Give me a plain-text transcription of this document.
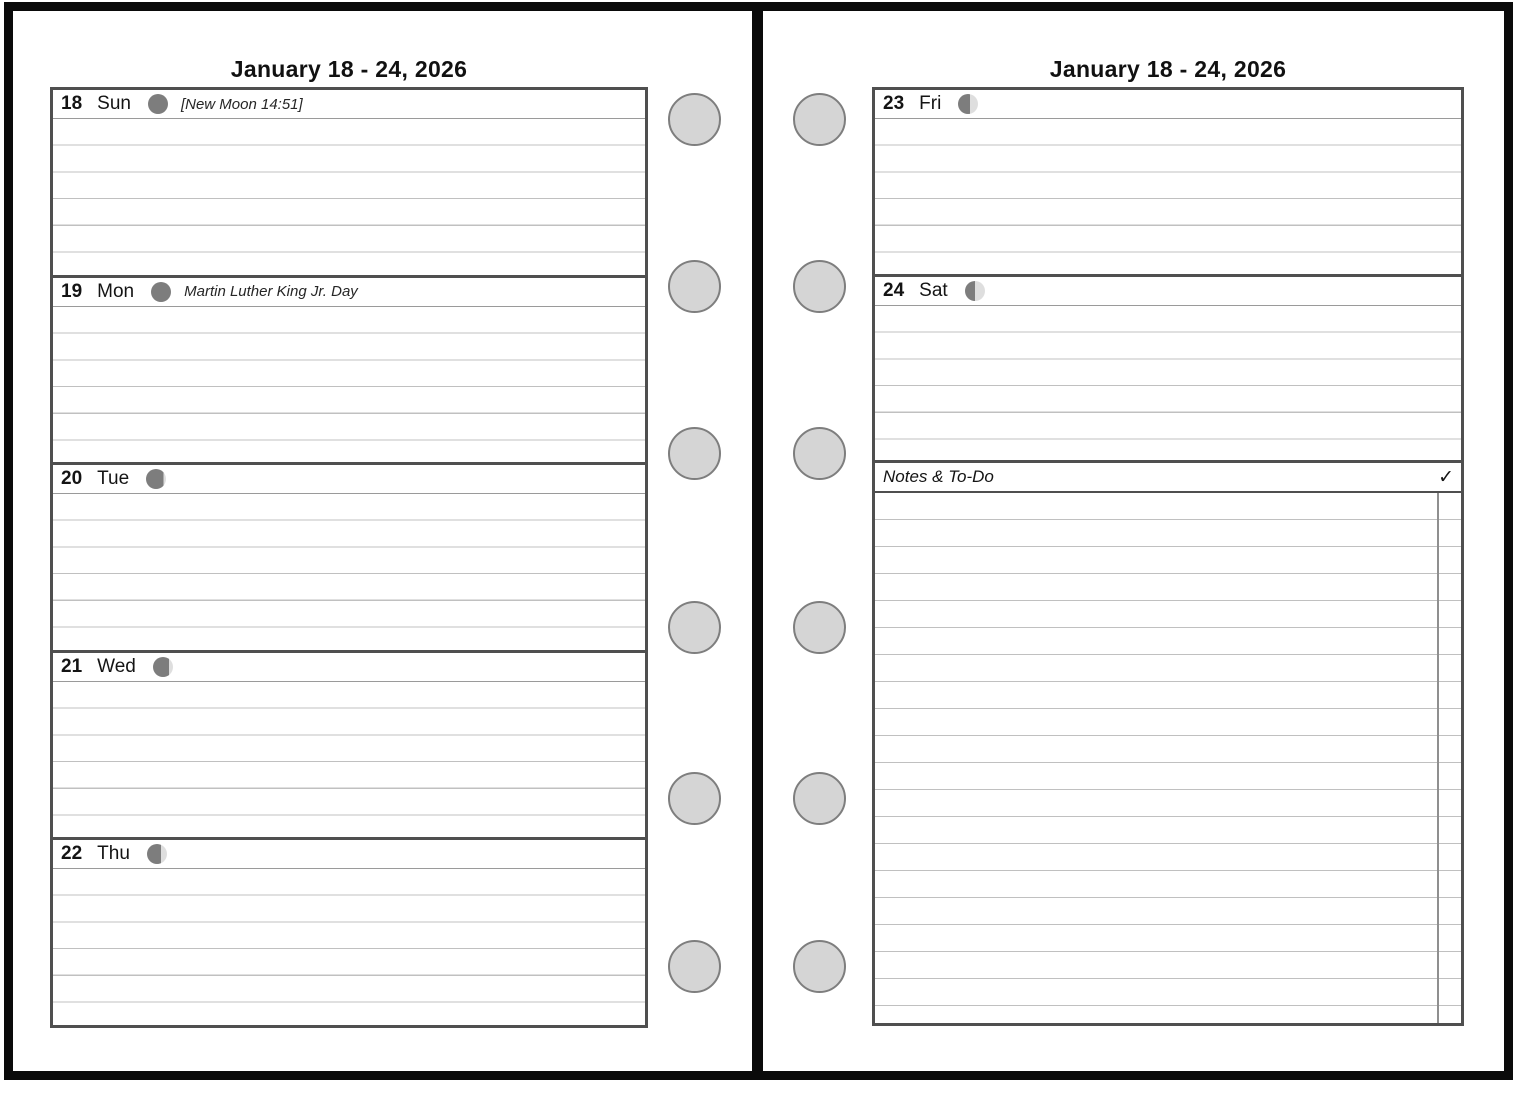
January 18 - 24, 2026
18 Sun	[New Moon 14:51]
19 Mon	Martin Luther King Jr. Day
20 Tue
21 Wed
22 Thu
January 18 - 24, 2026
23 Fri
24 Sat
Notes & To-Do	✓
